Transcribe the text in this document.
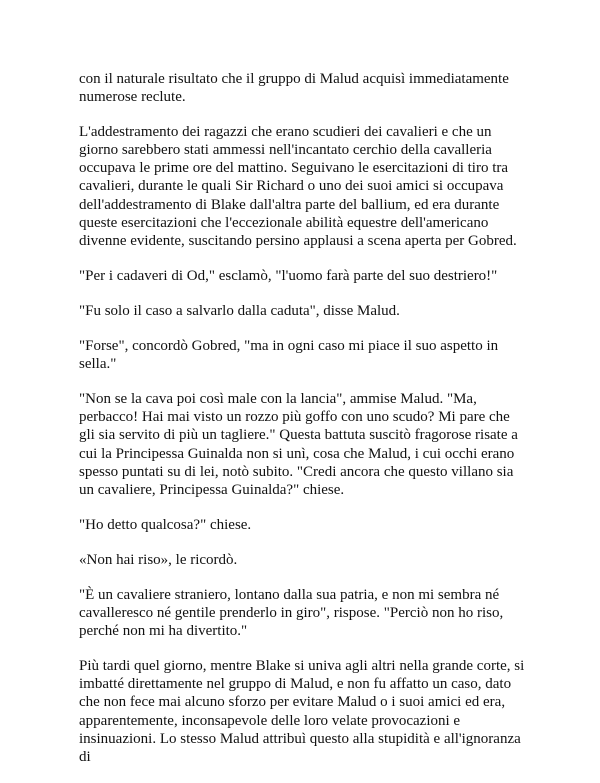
con il naturale risultato che il gruppo di Malud acquisì immediatamente numerose reclute.

L'addestramento dei ragazzi che erano scudieri dei cavalieri e che un giorno sarebbero stati ammessi nell'incantato cerchio della cavalleria occupava le prime ore del mattino. Seguivano le esercitazioni di tiro tra cavalieri, durante le quali Sir Richard o uno dei suoi amici si occupava dell'addestramento di Blake dall'altra parte del ballium, ed era durante queste esercitazioni che l'eccezionale abilità equestre dell'americano divenne evidente, suscitando persino applausi a scena aperta per Gobred.

"Per i cadaveri di Od," esclamò, "l'uomo farà parte del suo destriero!"

"Fu solo il caso a salvarlo dalla caduta", disse Malud.

"Forse", concordò Gobred, "ma in ogni caso mi piace il suo aspetto in sella."

"Non se la cava poi così male con la lancia", ammise Malud. "Ma, perbacco! Hai mai visto un rozzo più goffo con uno scudo? Mi pare che gli sia servito di più un tagliere." Questa battuta suscitò fragorose risate a cui la Principessa Guinalda non si unì, cosa che Malud, i cui occhi erano spesso puntati su di lei, notò subito. "Credi ancora che questo villano sia un cavaliere, Principessa Guinalda?" chiese.

"Ho detto qualcosa?" chiese.

«Non hai riso», le ricordò.

"È un cavaliere straniero, lontano dalla sua patria, e non mi sembra né cavalleresco né gentile prenderlo in giro", rispose. "Perciò non ho riso, perché non mi ha divertito."

Più tardi quel giorno, mentre Blake si univa agli altri nella grande corte, si imbatté direttamente nel gruppo di Malud, e non fu affatto un caso, dato che non fece mai alcuno sforzo per evitare Malud o i suoi amici ed era, apparentemente, inconsapevole delle loro velate provocazioni e insinuazioni. Lo stesso Malud attribuì questo alla stupidità e all'ignoranza di
